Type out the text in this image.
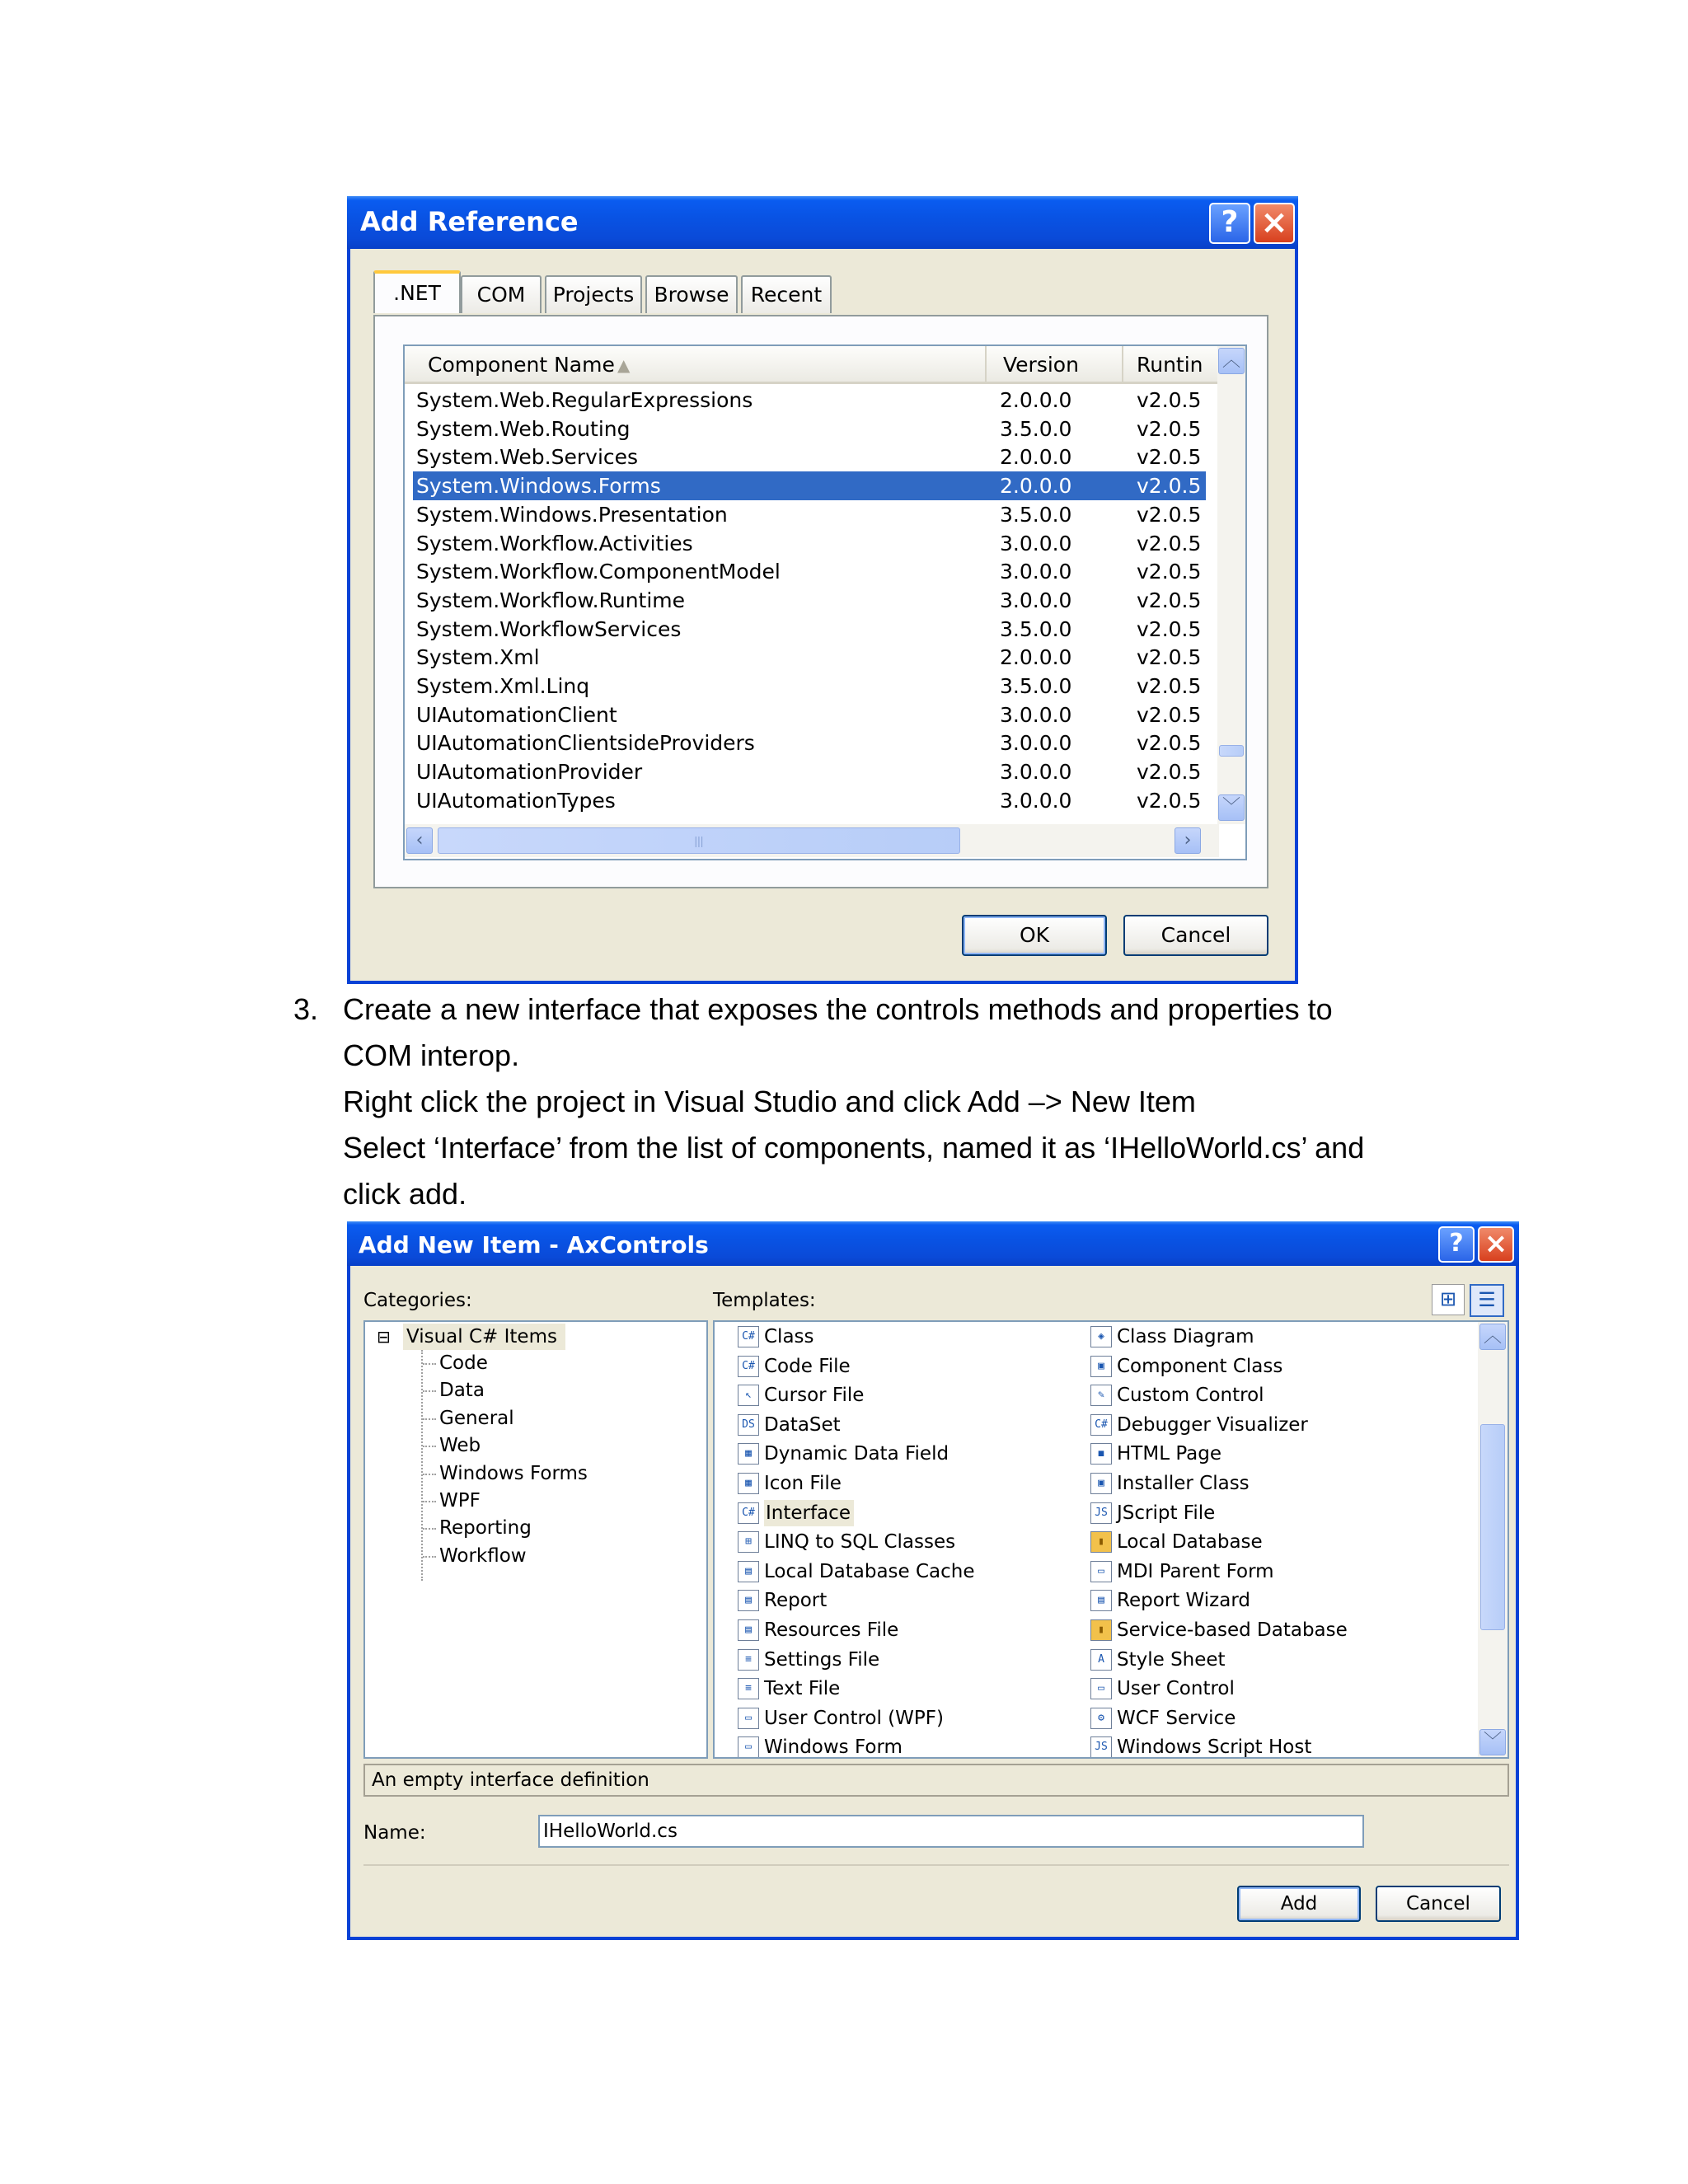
Add Reference	? ×
.NET	COM	Projects Browse	Recent
Component Name ▲	Version	Runtin
System.Web.RegularExpressions	2.0.0.0	v2.0.5
System.Web.Routing	3.5.0.0	v2.0.5
System.Web.Services	2.0.0.0	v2.0.5
System.Windows.Forms	2.0.0.0	v2.0.5
System.Windows.Presentation	3.5.0.0	v2.0.5
System.Workflow.Activities	3.0.0.0	v2.0.5
System.Workflow.ComponentModel	3.0.0.0	v2.0.5
System.Workflow.Runtime	3.0.0.0	v2.0.5
System.WorkflowServices	3.5.0.0	v2.0.5
System.Xml	2.0.0.0	v2.0.5
System.Xml.Linq	3.5.0.0	v2.0.5
UIAutomationClient	3.0.0.0	v2.0.5
UIAutomationClientsideProviders	3.0.0.0	v2.0.5
UIAutomationProvider	3.0.0.0	v2.0.5
UIAutomationTypes	3.0.0.0	v2.0.5
︿
﹀
‹	|||	›
OK	Cancel
3. Create a new interface that exposes the controls methods and properties to
COM interop.
Right click the project in Visual Studio and click Add –> New Item
Select ‘Interface’ from the list of components, named it as ‘IHelloWorld.cs’ and
click add.
Add New Item - AxControls	? ×
Categories:	Templates:	⊞	☰
⊟ Visual C# Items
Code
Data
General
Web
Windows Forms
WPF
Reporting
Workflow
C# Class
C# Code File
↖ Cursor File
DS DataSet
▦ Dynamic Data Field
▦ Icon File
C# Interface
⊞ LINQ to SQL Classes
▤ Local Database Cache
▤ Report
▤ Resources File
≡ Settings File
≡ Text File
▭ User Control (WPF)
▭ Windows Form
◈ Class Diagram
▣ Component Class
✎ Custom Control
C# Debugger Visualizer
◼ HTML Page
▣ Installer Class
JS JScript File
▮ Local Database
▭ MDI Parent Form
▤ Report Wizard
▮ Service-based Database
A Style Sheet
▭ User Control
⚙ WCF Service
JS Windows Script Host
︿
﹀
An empty interface definition
Name:	IHelloWorld.cs
Add	Cancel
